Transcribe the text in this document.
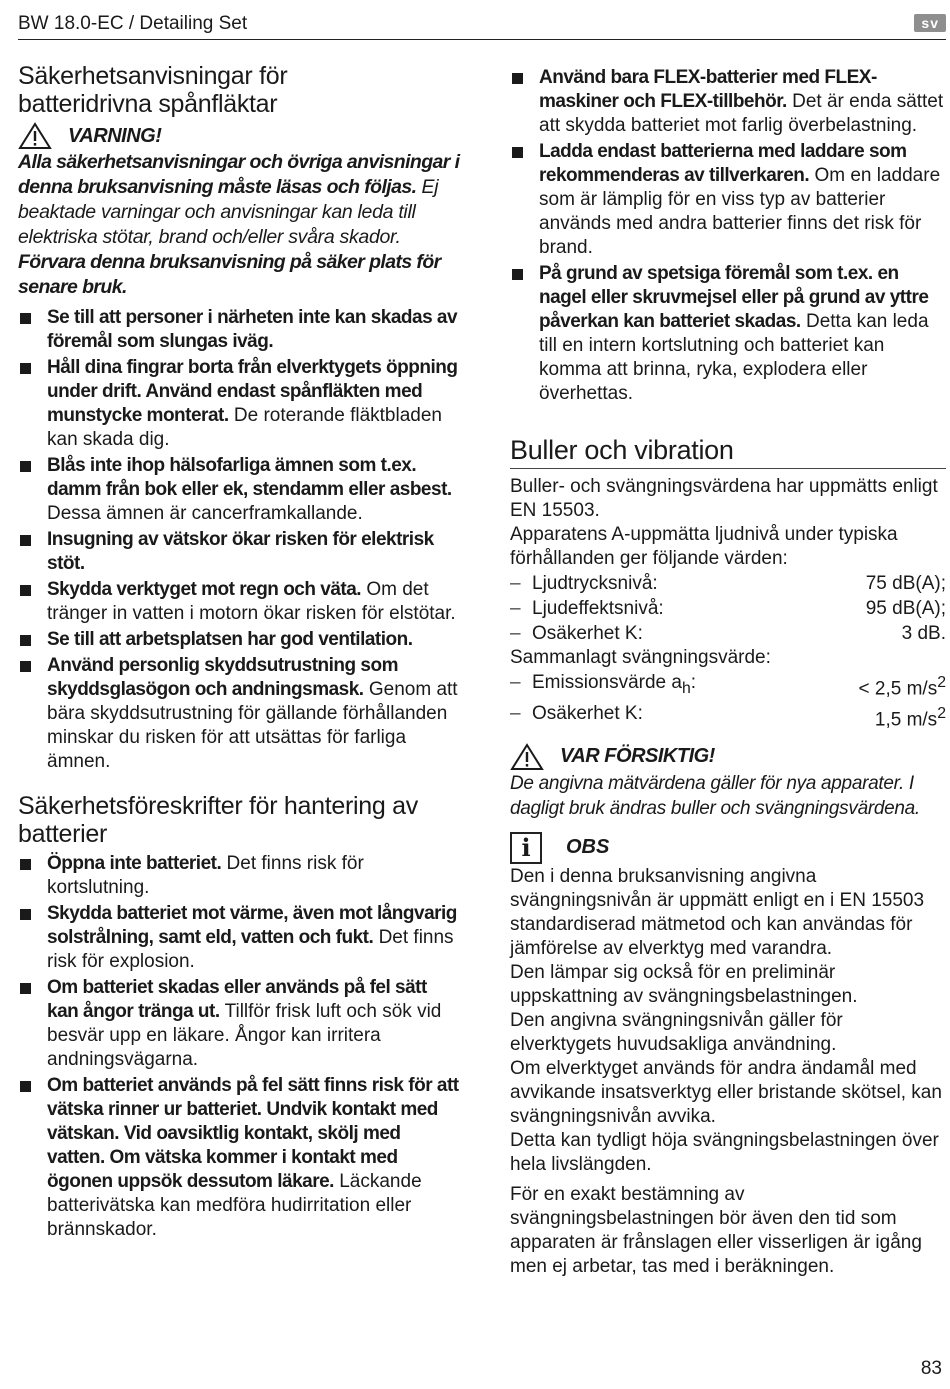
BW 18.0-EC / Detailing Set	sv
Säkerhetsanvisningar för batteridrivna spånfläktar
VARNING!

Alla säkerhetsanvisningar och övriga anvisningar i denna bruksanvisning måste läsas och följas. Ej beaktade varningar och anvisningar kan leda till elektriska stötar, brand och/eller svåra skador. Förvara denna bruksanvisning på säker plats för senare bruk.

Se till att personer i närheten inte kan skadas av föremål som slungas iväg.
Håll dina fingrar borta från elverktygets öppning under drift. Använd endast spånfläkten med munstycke monterat. De roterande fläktbladen kan skada dig.
Blås inte ihop hälsofarliga ämnen som t.ex. damm från bok eller ek, stendamm eller asbest. Dessa ämnen är cancerframkallande.
Insugning av vätskor ökar risken för elektrisk stöt.
Skydda verktyget mot regn och väta. Om det tränger in vatten i motorn ökar risken för elstötar.
Se till att arbetsplatsen har god ventilation.
Använd personlig skyddsutrustning som skyddsglasögon och andningsmask. Genom att bära skyddsutrustning för gällande förhållanden minskar du risken för att utsättas för farliga ämnen.
Säkerhetsföreskrifter för hantering av batterier
Öppna inte batteriet. Det finns risk för kortslutning.
Skydda batteriet mot värme, även mot långvarig solstrålning, samt eld, vatten och fukt. Det finns risk för explosion.
Om batteriet skadas eller används på fel sätt kan ångor tränga ut. Tillför frisk luft och sök vid besvär upp en läkare. Ångor kan irritera andningsvägarna.
Om batteriet används på fel sätt finns risk för att vätska rinner ur batteriet. Undvik kontakt med vätskan. Vid oavsiktlig kontakt, skölj med vatten. Om vätska kommer i kontakt med ögonen uppsök dessutom läkare. Läckande batterivätska kan medföra hudirritation eller brännskador.
Använd bara FLEX-batterier med FLEX-maskiner och FLEX-tillbehör. Det är enda sättet att skydda batteriet mot farlig överbelastning.
Ladda endast batterierna med laddare som rekommenderas av tillverkaren. Om en laddare som är lämplig för en viss typ av batterier används med andra batterier finns det risk för brand.
På grund av spetsiga föremål som t.ex. en nagel eller skruvmejsel eller på grund av yttre påverkan kan batteriet skadas. Detta kan leda till en intern kortslutning och batteriet kan komma att brinna, ryka, explodera eller överhettas.
Buller och vibration

Buller- och svängningsvärdena har uppmätts enligt EN 15503.

Apparatens A-uppmätta ljudnivå under typiska förhållanden ger följande värden:

– Ljudtrycksnivå:	75 dB(A);
– Ljudeffektsnivå:	95 dB(A);
– Osäkerhet K:	3 dB.

Sammanlagt svängningsvärde:

– Emissionsvärde $a_h$:	< 2,5 $m/s^2$
– Osäkerhet K:	1,5 $m/s^2$
VAR FÖRSIKTIG!

De angivna mätvärdena gäller för nya apparater. I dagligt bruk ändras buller och svängningsvärdena.

i	OBS

Den i denna bruksanvisning angivna svängningsnivån är uppmätt enligt en i EN 15503 standardiserad mätmetod och kan användas för jämförelse av elverktyg med varandra.

Den lämpar sig också för en preliminär uppskattning av svängningsbelastningen.

Den angivna svängningsnivån gäller för elverktygets huvudsakliga användning.

Om elverktyget används för andra ändamål med avvikande insatsverktyg eller bristande skötsel, kan svängningsnivån avvika.

Detta kan tydligt höja svängningsbelastningen över hela livslängden.

För en exakt bestämning av svängningsbelastningen bör även den tid som apparaten är frånslagen eller visserligen är igång men ej arbetar, tas med i beräkningen.

83
